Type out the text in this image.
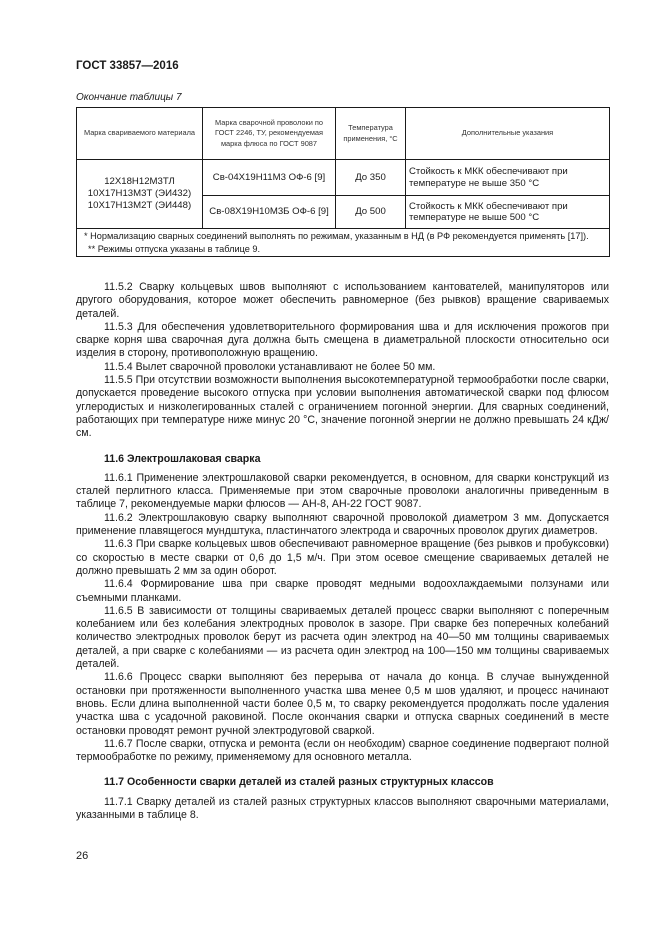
ГОСТ 33857—2016
Окончание таблицы 7
Марка свариваемого материала	Марка сварочной проволоки по ГОСТ 2246, ТУ, рекомендуемая марка флюса по ГОСТ 9087	Температура применения, °С	Дополнительные указания
12Х18Н12М3ТЛ 10Х17Н13М3Т (ЭИ432) 10Х17Н13М2Т (ЭИ448)	Св-04Х19Н11М3 ОФ-6 [9]	До 350	Стойкость к МКК обеспечивают при температуре не выше 350 °С
	Св-08Х19Н10М3Б ОФ-6 [9]	До 500	Стойкость к МКК обеспечивают при температуре не выше 500 °С

* Нормализацию сварных соединений выполнять по режимам, указанным в НД (в РФ рекомендуется применять [17]).
** Режимы отпуска указаны в таблице 9.			

11.5.2 Сварку кольцевых швов выполняют с использованием кантователей, манипуляторов или другого оборудования, которое может обеспечить равномерное (без рывков) вращение свариваемых деталей.

11.5.3 Для обеспечения удовлетворительного формирования шва и для исключения прожогов при сварке корня шва сварочная дуга должна быть смещена в диаметральной плоскости относительно оси изделия в сторону, противоположную вращению.

11.5.4 Вылет сварочной проволоки устанавливают не более 50 мм.

11.5.5 При отсутствии возможности выполнения высокотемпературной термообработки после сварки, допускается проведение высокого отпуска при условии выполнения автоматической сварки под флюсом углеродистых и низколегированных сталей с ограничением погонной энергии. Для сварных соединений, работающих при температуре ниже минус 20 °С, значение погонной энергии не должно превышать 24 кДж/см.

11.6 Электрошлаковая сварка

11.6.1 Применение электрошлаковой сварки рекомендуется, в основном, для сварки конструкций из сталей перлитного класса. Применяемые при этом сварочные проволоки аналогичны приведенным в таблице 7, рекомендуемые марки флюсов — АН-8, АН-22 ГОСТ 9087.

11.6.2 Электрошлаковую сварку выполняют сварочной проволокой диаметром 3 мм. Допускается применение плавящегося мундштука, пластинчатого электрода и сварочных проволок других диаметров.

11.6.3 При сварке кольцевых швов обеспечивают равномерное вращение (без рывков и пробуксовки) со скоростью в месте сварки от 0,6 до 1,5 м/ч. При этом осевое смещение свариваемых деталей не должно превышать 2 мм за один оборот.

11.6.4 Формирование шва при сварке проводят медными водоохлаждаемыми ползунами или съемными планками.

11.6.5 В зависимости от толщины свариваемых деталей процесс сварки выполняют с поперечным колебанием или без колебания электродных проволок в зазоре. При сварке без поперечных колебаний количество электродных проволок берут из расчета один электрод на 40—50 мм толщины свариваемых деталей, а при сварке с колебаниями — из расчета один электрод на 100—150 мм толщины свариваемых деталей.

11.6.6 Процесс сварки выполняют без перерыва от начала до конца. В случае вынужденной остановки при протяженности выполненного участка шва менее 0,5 м шов удаляют, и процесс начинают вновь. Если длина выполненной части более 0,5 м, то сварку рекомендуется продолжать после удаления участка шва с усадочной раковиной. После окончания сварки и отпуска сварных соединений в месте остановки проводят ремонт ручной электродуговой сваркой.

11.6.7 После сварки, отпуска и ремонта (если он необходим) сварное соединение подвергают полной термообработке по режиму, применяемому для основного металла.

11.7 Особенности сварки деталей из сталей разных структурных классов

11.7.1 Сварку деталей из сталей разных структурных классов выполняют сварочными материалами, указанными в таблице 8.

26
